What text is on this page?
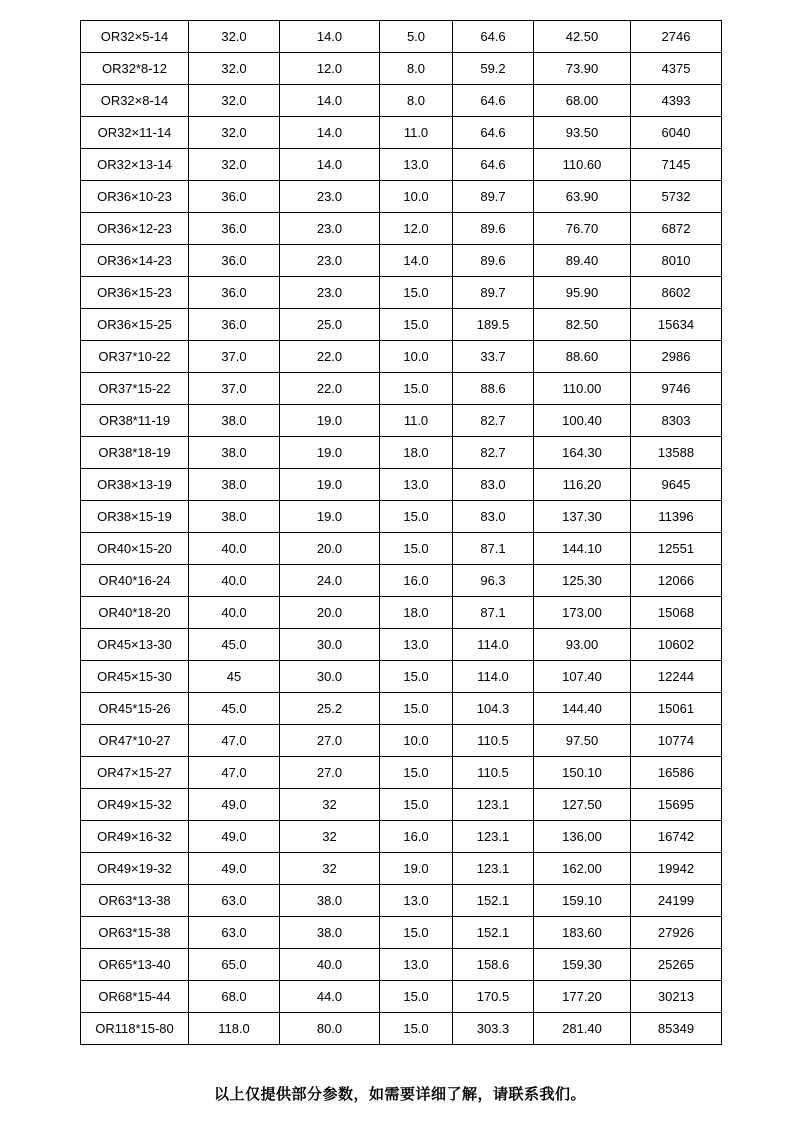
OR32×5-14	32.0	14.0	5.0	64.6	42.50	2746
OR32*8-12	32.0	12.0	8.0	59.2	73.90	4375
OR32×8-14	32.0	14.0	8.0	64.6	68.00	4393
OR32×11-14	32.0	14.0	11.0	64.6	93.50	6040
OR32×13-14	32.0	14.0	13.0	64.6	110.60	7145
OR36×10-23	36.0	23.0	10.0	89.7	63.90	5732
OR36×12-23	36.0	23.0	12.0	89.6	76.70	6872
OR36×14-23	36.0	23.0	14.0	89.6	89.40	8010
OR36×15-23	36.0	23.0	15.0	89.7	95.90	8602
OR36×15-25	36.0	25.0	15.0	189.5	82.50	15634
OR37*10-22	37.0	22.0	10.0	33.7	88.60	2986
OR37*15-22	37.0	22.0	15.0	88.6	110.00	9746
OR38*11-19	38.0	19.0	11.0	82.7	100.40	8303
OR38*18-19	38.0	19.0	18.0	82.7	164.30	13588
OR38×13-19	38.0	19.0	13.0	83.0	116.20	9645
OR38×15-19	38.0	19.0	15.0	83.0	137.30	11396
OR40×15-20	40.0	20.0	15.0	87.1	144.10	12551
OR40*16-24	40.0	24.0	16.0	96.3	125.30	12066
OR40*18-20	40.0	20.0	18.0	87.1	173.00	15068
OR45×13-30	45.0	30.0	13.0	114.0	93.00	10602
OR45×15-30	45	30.0	15.0	114.0	107.40	12244
OR45*15-26	45.0	25.2	15.0	104.3	144.40	15061
OR47*10-27	47.0	27.0	10.0	110.5	97.50	10774
OR47×15-27	47.0	27.0	15.0	110.5	150.10	16586
OR49×15-32	49.0	32	15.0	123.1	127.50	15695
OR49×16-32	49.0	32	16.0	123.1	136.00	16742
OR49×19-32	49.0	32	19.0	123.1	162.00	19942
OR63*13-38	63.0	38.0	13.0	152.1	159.10	24199
OR63*15-38	63.0	38.0	15.0	152.1	183.60	27926
OR65*13-40	65.0	40.0	13.0	158.6	159.30	25265
OR68*15-44	68.0	44.0	15.0	170.5	177.20	30213
OR118*15-80	118.0	80.0	15.0	303.3	281.40	85349
以上仅提供部分参数，如需要详细了解，请联系我们。
